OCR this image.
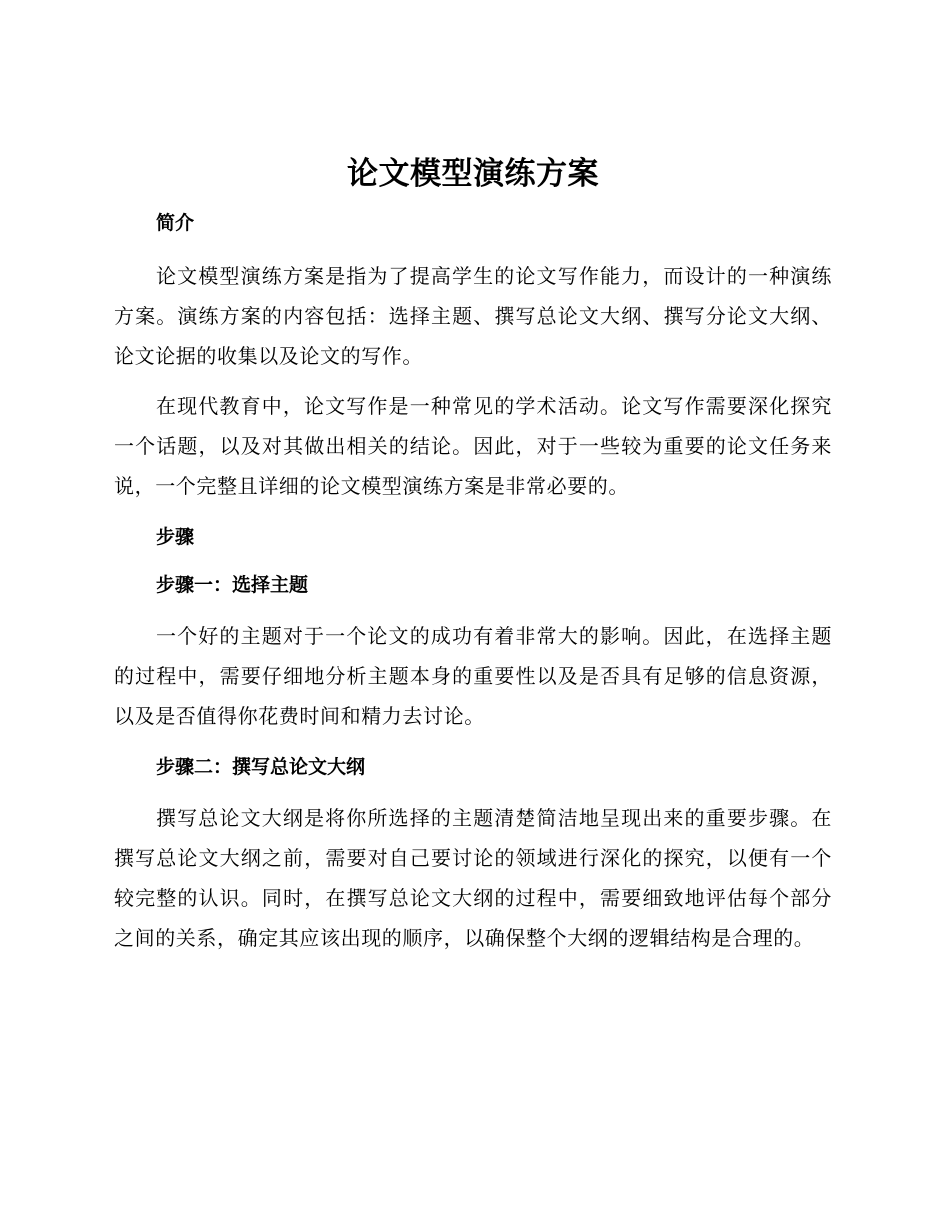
论文模型演练方案
简介

论文模型演练方案是指为了提高学生的论文写作能力，而设计的一种演练方案。演练方案的内容包括：选择主题、撰写总论文大纲、撰写分论文大纲、论文论据的收集以及论文的写作。

在现代教育中，论文写作是一种常见的学术活动。论文写作需要深化探究一个话题，以及对其做出相关的结论。因此，对于一些较为重要的论文任务来说，一个完整且详细的论文模型演练方案是非常必要的。

步骤
步骤一：选择主题

一个好的主题对于一个论文的成功有着非常大的影响。因此，在选择主题的过程中，需要仔细地分析主题本身的重要性以及是否具有足够的信息资源，以及是否值得你花费时间和精力去讨论。

步骤二：撰写总论文大纲

撰写总论文大纲是将你所选择的主题清楚简洁地呈现出来的重要步骤。在撰写总论文大纲之前，需要对自己要讨论的领域进行深化的探究，以便有一个较完整的认识。同时，在撰写总论文大纲的过程中，需要细致地评估每个部分之间的关系，确定其应该出现的顺序，以确保整个大纲的逻辑结构是合理的。
